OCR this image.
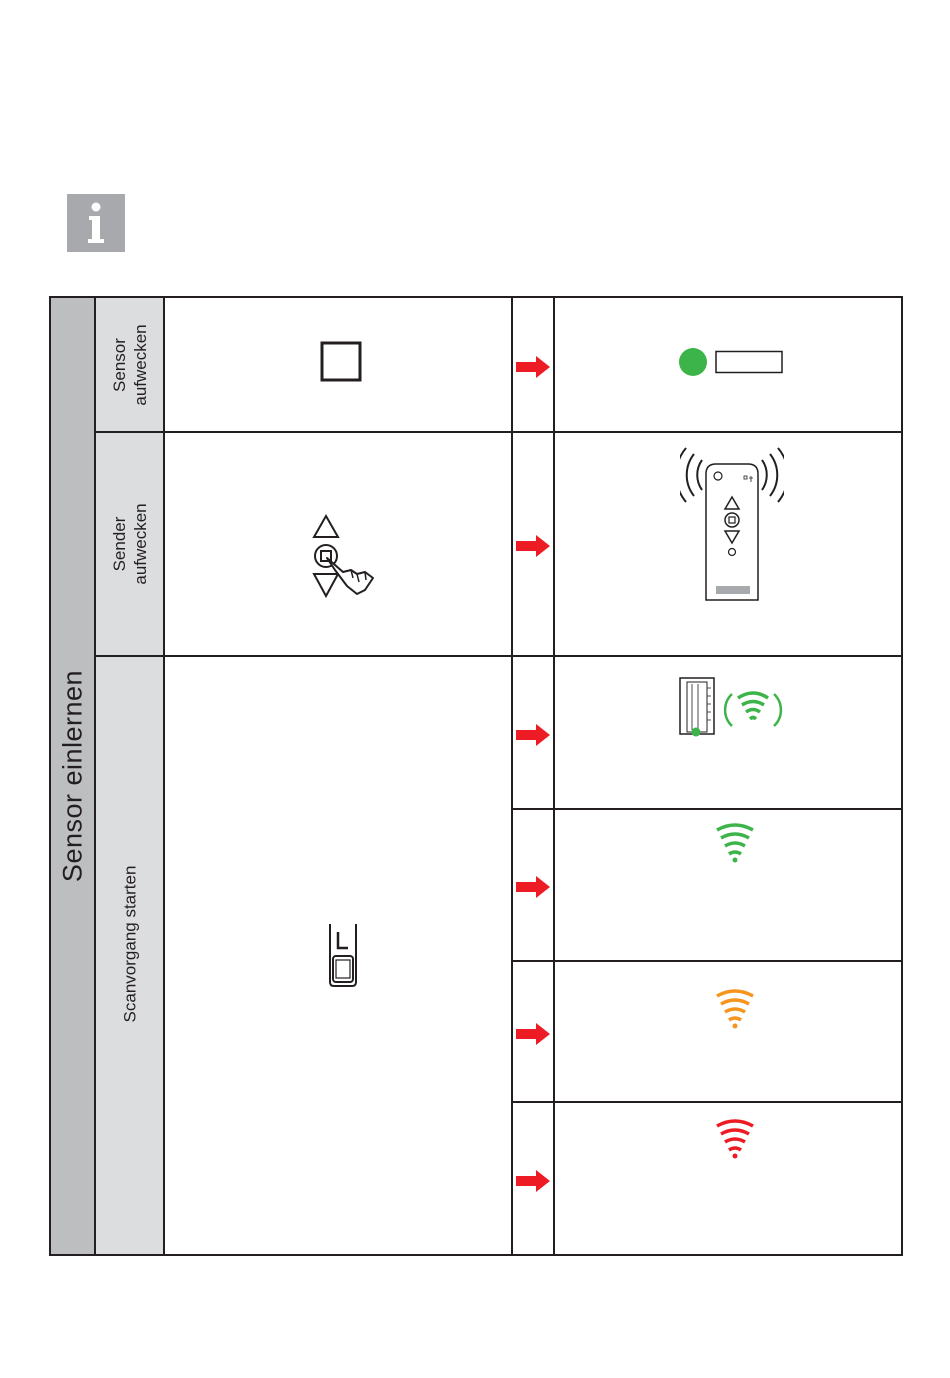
Sensor einlernen
Sensor aufwecken
Sender aufwecken
Scanvorgang starten
